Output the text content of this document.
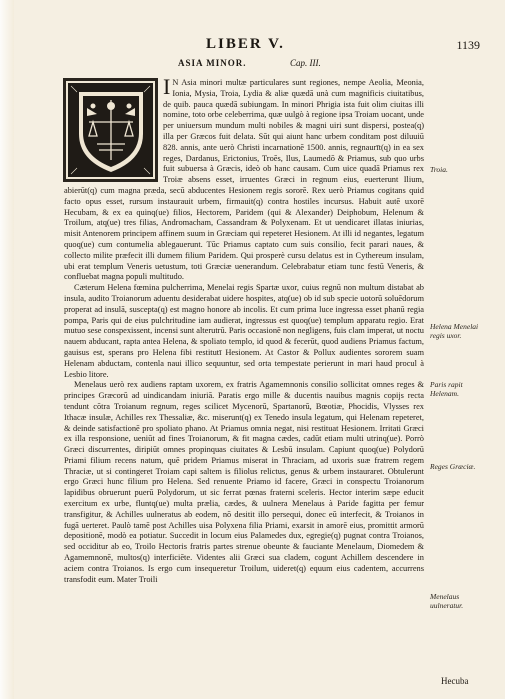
LIBER V.	1139
ASIA MINOR.	Cap. III.

IN Asia minori multæ particulares sunt regiones, nempe Aeolia, Meonia, Ionia, Mysia, Troia, Lydia & aliæ quædā unà cum magnificis ciuitatibus, de quib. pauca quædā subiungam. In minori Phrigia ista fuit olim ciuitas illi nomine, toto orbe celeberrima, quæ uulgò à regione ipsa Troiam uocant, unde per uniuersum mundum multi nobiles & magni uiri sunt dispersi, postea(q) illa per Græcos fuit delata. Sūt qui aiunt hanc urbem conditam post diluuiū 828. annis, ante uerò Christi incarnationē 1500. annis, regnaurīt(q) in ea sex reges, Dardanus, Erictonius, Troēs, Ilus, Laumedō & Priamus, sub quo urbs fuit subuersa à Græcis, ideò ob hanc causam. Cum uice quadā Priamus rex Troiæ absens esset, irruentes Græci in regnum eius, euerterunt Ilium, abierūt(q) cum magna præda, secū abducentes Hesionem regis sororē. Rex uerò Priamus cogitans quid facto opus esset, rursum instaurauit urbem, firmauit(q) contra hostiles incursus. Habuit autē uxorē Hecubam, & ex ea quinq(ue) filios, Hectorem, Paridem (qui & Alexander) Deiphobum, Helenum & Troilum, atq(ue) tres filias, Andromacham, Cassandram & Polyxenam. Et ut uendicaret illatas iniurias, misit Antenorem principem affinem suum in Græciam qui repeteret Hesionem. At illi id negantes, legatum quoq(ue) cum contumelia ablegauerunt. Tūc Priamus captato cum suis consilio, fecit parari naues, & collecto milite præfecit illi dumem filium Paridem. Qui prosperè cursu delatus est in Cythereum insulam, ubi erat templum Veneris uetustum, toti Græciæ uenerandum. Celebrabatur etiam tunc festū Veneris, & confluebat magna populi multitudo.

Cæterum Helena fœmina pulcherrima, Menelai regis Spartæ uxor, cuius regnū non multum distabat ab insula, audito Troianorum aduentu desiderabat uidere hospites, atq(ue) ob id sub specie uotorū soluēdorum properat ad insulā, suscepta(q) est magno honore ab incolis. Et cum prima luce ingressa esset phanū regia pompa, Paris qui de eius pulchritudine iam audierat, ingressus est quoq(ue) templum apparatu regio. Erat mutuo sese conspexissent, incensi sunt alterutrū. Paris occasionē non negligens, fuis clam imperat, ut noctu nauem abducant, rapta antea Helena, & spoliato templo, id quod & fecerūt, quod audiens Priamus factum, gauisus est, sperans pro Helena fibi restitutī Hesionem. At Castor & Pollux audientes sororem suam Helenam abductam, contenla naui illico sequuntur, sed orta tempestate perierunt in mari haud procul à Lesbio litore.

Menelaus uerò rex audiens raptam uxorem, ex fratris Agamemnonis consilio sollicitat omnes reges & principes Græcorū ad uindicandam iniuriā. Paratis ergo mille & ducentis nauibus magnis copijs recta tendunt cōtra Troianum regnum, reges scilicet Mycenorū, Spartanorū, Bœotiæ, Phocidis, Vlysses rex Ithacæ insulæ, Achilles rex Thessaliæ, &c. miserunt(q) ex Tenedo insula legatum, qui Helenam repeteret, & deinde satisfactionē pro spoliato phano. At Priamus omnia negat, nisi restituat Hesionem. Irritati Græci ex illa responsione, ueniūt ad fines Troianorum, & fit magna cædes, cadūt etiam multi utrinq(ue). Porrò Græci discurrentes, diripiūt omnes propinquas ciuitates & Lesbū insulam. Capiunt quoq(ue) Polydorū Priami filium recens natum, quē pridem Priamus miserat in Thraciam, ad uxoris suæ fratrem regem Thraciæ, ut si contingeret Troiam capi saltem is filiolus relictus, genus & urbem instauraret. Obtulerunt ergo Græci hunc filium pro Helena. Sed renuente Priamo id facere, Græci in conspectu Troianorum lapidibus obruerunt puerū Polydorum, ut sic ferrat pœnas fraterni sceleris. Hector interim sæpe educit exercitum ex urbe, fluntq(ue) multa prælia, cædes, & uulnera Menelaus à Paride fagitta per femur transfigitur, & Achilles uulneratus ab eodem, nō desitit illo persequi, donec eū interfecit, & Troianos in fugā uerteret. Paulò tamē post Achilles uisa Polyxena filia Priami, exarsit in amorē eius, promittit armorū depositionē, modò ea potiatur. Succedit in locum eius Palamedes dux, egregie(q) pugnat contra Troianos, sed occiditur ab eo, Troilo Hectoris fratris partes strenue obeunte & fauciante Menelaum, Diomedem & Agamemnonē, multos(q) interficiēte. Videntes alii Græci sua cladem, cogunt Achillem descendere in aciem contra Troianos. Is ergo cum insequeretur Troilum, uideret(q) equum eius cadentem, accurrens transfodit eum. Mater Troili

Troia.
Helena Menelai regis uxor.
Paris rapit Helenam.
Reges Græciæ.
Menelaus uulneratur.
Hecuba
